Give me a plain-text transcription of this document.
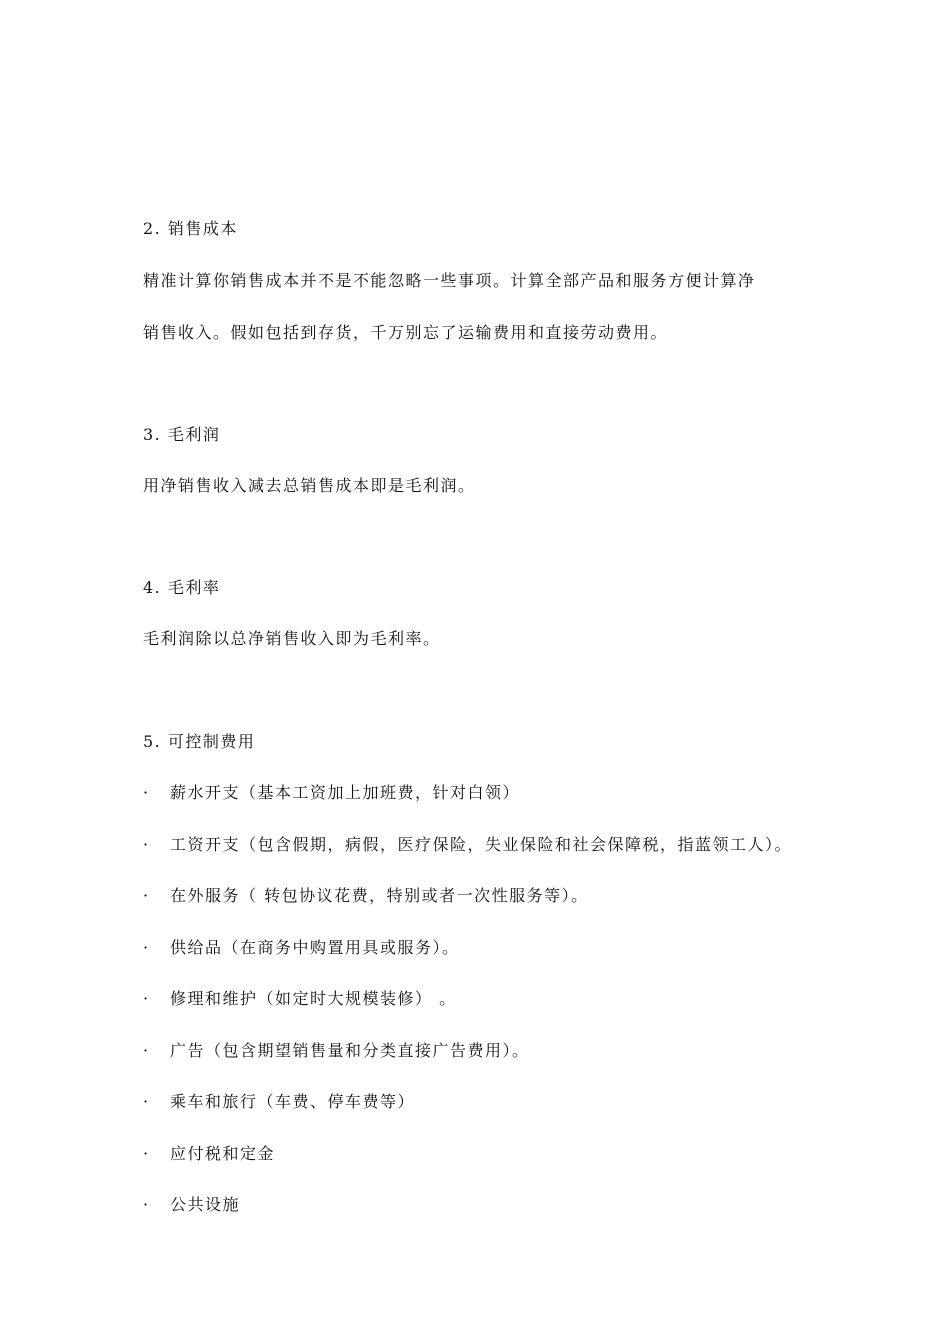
2. 销售成本
精准计算你销售成本并不是不能忽略一些事项。计算全部产品和服务方便计算净
销售收入。假如包括到存货，千万别忘了运输费用和直接劳动费用。
3. 毛利润
用净销售收入减去总销售成本即是毛利润。
4. 毛利率
毛利润除以总净销售收入即为毛利率。
5. 可控制费用
· 薪水开支（基本工资加上加班费，针对白领）
· 工资开支（包含假期，病假，医疗保险，失业保险和社会保障税，指蓝领工人）。
· 在外服务（ 转包协议花费，特别或者一次性服务等）。
· 供给品（在商务中购置用具或服务）。
· 修理和维护（如定时大规模装修） 。
· 广告（包含期望销售量和分类直接广告费用）。
· 乘车和旅行（车费、停车费等）
· 应付税和定金
· 公共设施
